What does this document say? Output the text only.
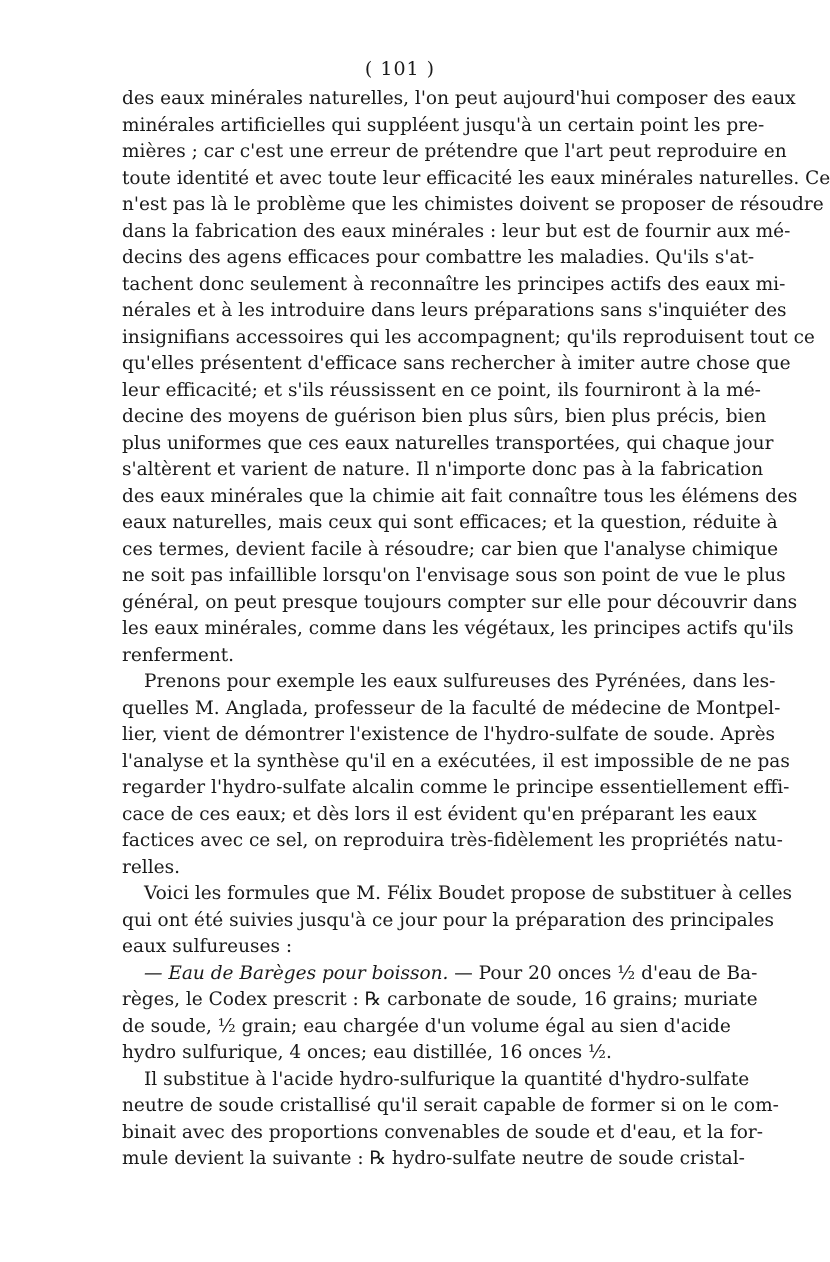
( 101 )
des eaux minérales naturelles, l'on peut aujourd'hui composer des eaux
minérales artificielles qui suppléent jusqu'à un certain point les pre-
mières ; car c'est une erreur de prétendre que l'art peut reproduire en
toute identité et avec toute leur efficacité les eaux minérales naturelles. Ce
n'est pas là le problème que les chimistes doivent se proposer de résoudre
dans la fabrication des eaux minérales : leur but est de fournir aux mé-
decins des agens efficaces pour combattre les maladies. Qu'ils s'at-
tachent donc seulement à reconnaître les principes actifs des eaux mi-
nérales et à les introduire dans leurs préparations sans s'inquiéter des
insignifians accessoires qui les accompagnent; qu'ils reproduisent tout ce
qu'elles présentent d'efficace sans rechercher à imiter autre chose que
leur efficacité; et s'ils réussissent en ce point, ils fourniront à la mé-
decine des moyens de guérison bien plus sûrs, bien plus précis, bien
plus uniformes que ces eaux naturelles transportées, qui chaque jour
s'altèrent et varient de nature. Il n'importe donc pas à la fabrication
des eaux minérales que la chimie ait fait connaître tous les élémens des
eaux naturelles, mais ceux qui sont efficaces; et la question, réduite à
ces termes, devient facile à résoudre; car bien que l'analyse chimique
ne soit pas infaillible lorsqu'on l'envisage sous son point de vue le plus
général, on peut presque toujours compter sur elle pour découvrir dans
les eaux minérales, comme dans les végétaux, les principes actifs qu'ils
renferment.
Prenons pour exemple les eaux sulfureuses des Pyrénées, dans les-
quelles M. Anglada, professeur de la faculté de médecine de Montpel-
lier, vient de démontrer l'existence de l'hydro-sulfate de soude. Après
l'analyse et la synthèse qu'il en a exécutées, il est impossible de ne pas
regarder l'hydro-sulfate alcalin comme le principe essentiellement effi-
cace de ces eaux; et dès lors il est évident qu'en préparant les eaux
factices avec ce sel, on reproduira très-fidèlement les propriétés natu-
relles.
Voici les formules que M. Félix Boudet propose de substituer à celles
qui ont été suivies jusqu'à ce jour pour la préparation des principales
eaux sulfureuses :
— Eau de Barèges pour boisson. — Pour 20 onces ½ d'eau de Ba-
règes, le Codex prescrit : ℞ carbonate de soude, 16 grains; muriate
de soude, ½ grain; eau chargée d'un volume égal au sien d'acide
hydro sulfurique, 4 onces; eau distillée, 16 onces ½.
Il substitue à l'acide hydro-sulfurique la quantité d'hydro-sulfate
neutre de soude cristallisé qu'il serait capable de former si on le com-
binait avec des proportions convenables de soude et d'eau, et la for-
mule devient la suivante : ℞ hydro-sulfate neutre de soude cristal-
